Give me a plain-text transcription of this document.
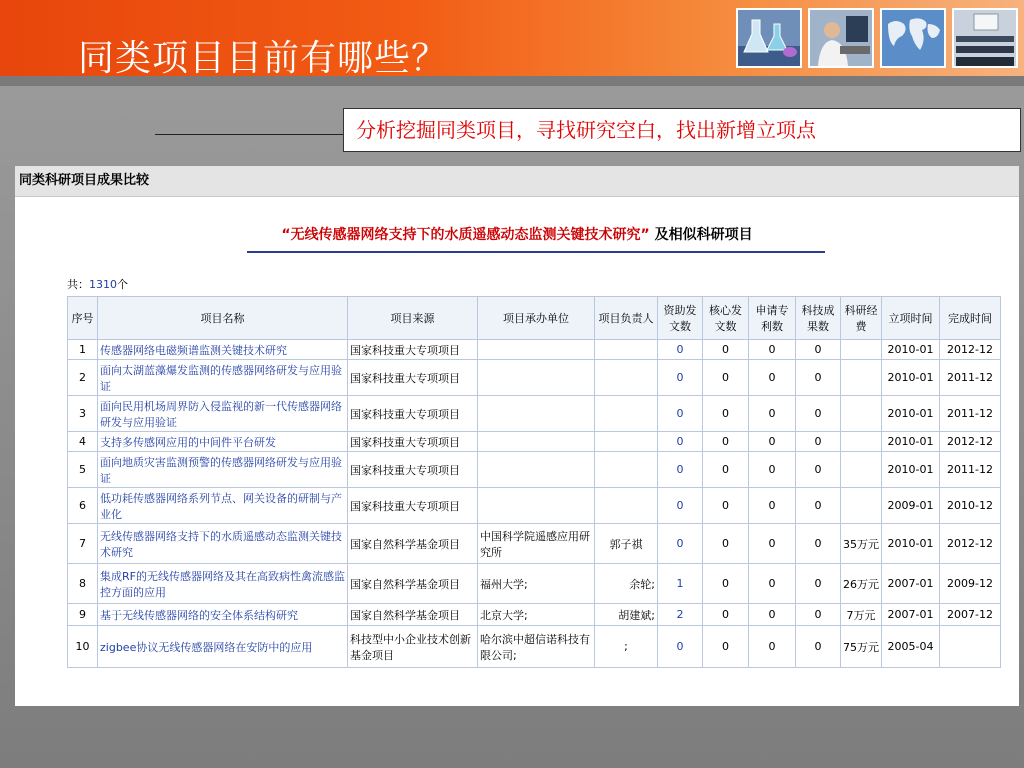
同类项目目前有哪些？
分析挖掘同类项目，寻找研究空白，找出新增立项点
同类科研项目成果比较
“无线传感器网络支持下的水质遥感动态监测关键技术研究” 及相似科研项目
共：1310个
序号	项目名称	项目来源	项目承办单位	项目负责人	资助发文数	核心发文数	申请专利数	科技成果数	科研经费	立项时间	完成时间
1	传感器网络电磁频谱监测关键技术研究	国家科技重大专项项目			0	0	0	0		2010-01	2012-12
2	面向太湖蓝藻爆发监测的传感器网络研发与应用验证	国家科技重大专项项目			0	0	0	0		2010-01	2011-12
3	面向民用机场周界防入侵监视的新一代传感器网络研发与应用验证	国家科技重大专项项目			0	0	0	0		2010-01	2011-12
4	支持多传感网应用的中间件平台研发	国家科技重大专项项目			0	0	0	0		2010-01	2012-12
5	面向地质灾害监测预警的传感器网络研发与应用验证	国家科技重大专项项目			0	0	0	0		2010-01	2011-12
6	低功耗传感器网络系列节点、网关设备的研制与产业化	国家科技重大专项项目			0	0	0	0		2009-01	2010-12
7	无线传感器网络支持下的水质遥感动态监测关键技术研究	国家自然科学基金项目	中国科学院遥感应用研究所	郭子祺	0	0	0	0	35万元	2010-01	2012-12
8	集成RF的无线传感器网络及其在高致病性禽流感监控方面的应用	国家自然科学基金项目	福州大学;	余轮;	1	0	0	0	26万元	2007-01	2009-12
9	基于无线传感器网络的安全体系结构研究	国家自然科学基金项目	北京大学;	胡建斌;	2	0	0	0	7万元	2007-01	2007-12
10	zigbee协议无线传感器网络在安防中的应用	科技型中小企业技术创新基金项目	哈尔滨中超信诺科技有限公司;	;	0	0	0	0	75万元	2005-04	
